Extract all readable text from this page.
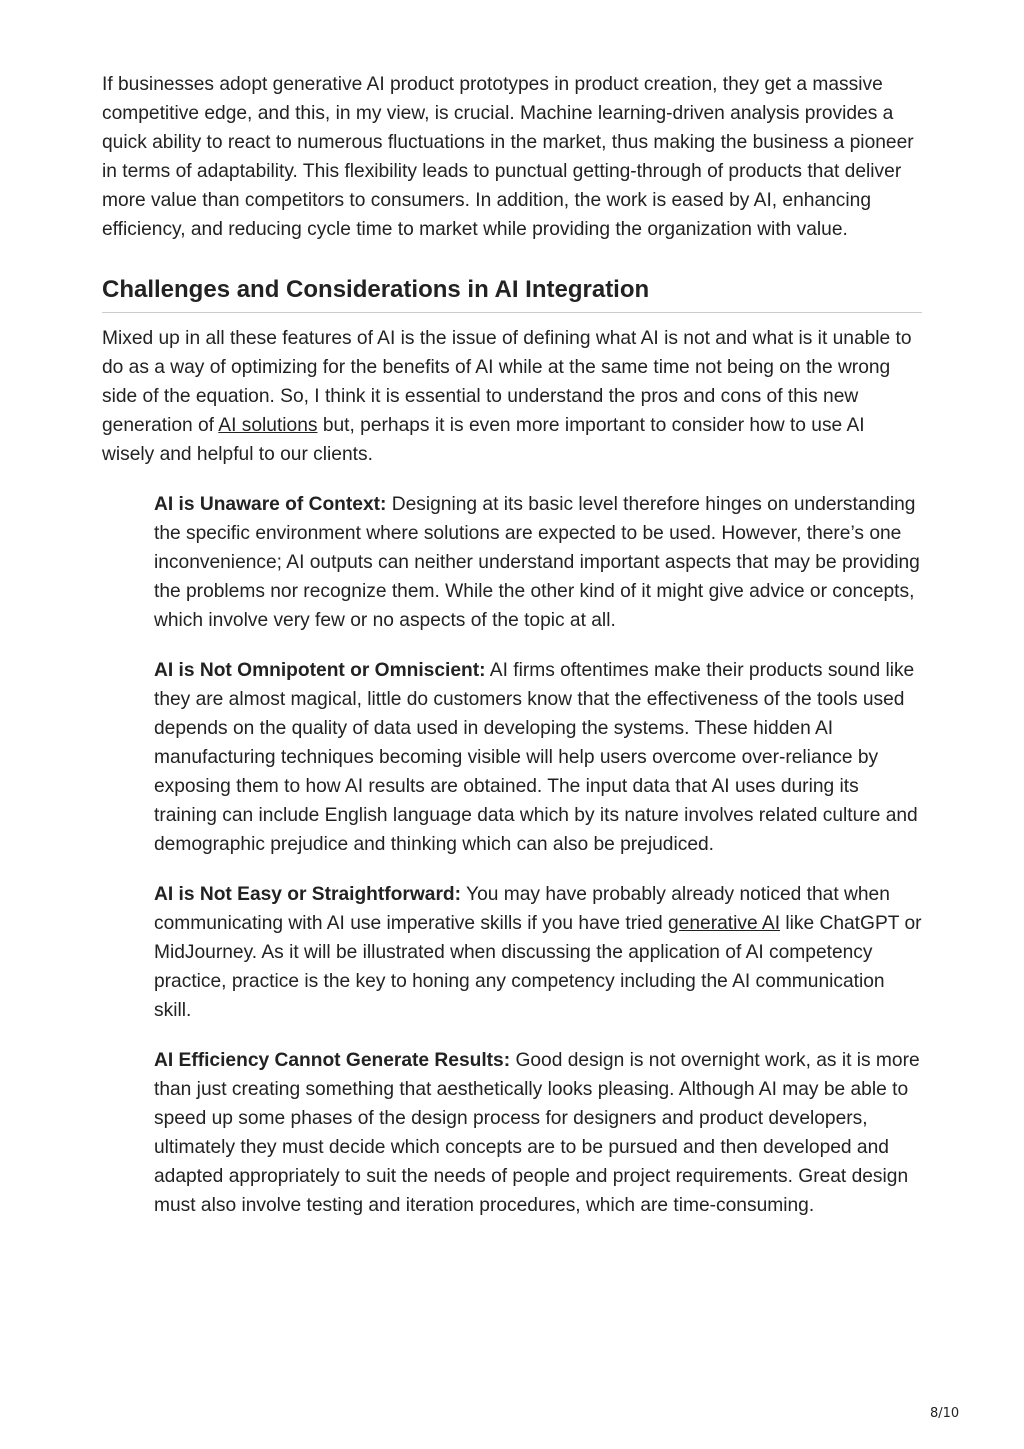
If businesses adopt generative AI product prototypes in product creation, they get a massive competitive edge, and this, in my view, is crucial. Machine learning-driven analysis provides a quick ability to react to numerous fluctuations in the market, thus making the business a pioneer in terms of adaptability. This flexibility leads to punctual getting-through of products that deliver more value than competitors to consumers. In addition, the work is eased by AI, enhancing efficiency, and reducing cycle time to market while providing the organization with value.

Challenges and Considerations in AI Integration

Mixed up in all these features of AI is the issue of defining what AI is not and what is it unable to do as a way of optimizing for the benefits of AI while at the same time not being on the wrong side of the equation. So, I think it is essential to understand the pros and cons of this new generation of AI solutions but, perhaps it is even more important to consider how to use AI wisely and helpful to our clients.

AI is Unaware of Context: Designing at its basic level therefore hinges on understanding the specific environment where solutions are expected to be used. However, there’s one inconvenience; AI outputs can neither understand important aspects that may be providing the problems nor recognize them. While the other kind of it might give advice or concepts, which involve very few or no aspects of the topic at all.

AI is Not Omnipotent or Omniscient: AI firms oftentimes make their products sound like they are almost magical, little do customers know that the effectiveness of the tools used depends on the quality of data used in developing the systems. These hidden AI manufacturing techniques becoming visible will help users overcome over-reliance by exposing them to how AI results are obtained. The input data that AI uses during its training can include English language data which by its nature involves related culture and demographic prejudice and thinking which can also be prejudiced.

AI is Not Easy or Straightforward: You may have probably already noticed that when communicating with AI use imperative skills if you have tried generative AI like ChatGPT or MidJourney. As it will be illustrated when discussing the application of AI competency practice, practice is the key to honing any competency including the AI communication skill.

AI Efficiency Cannot Generate Results: Good design is not overnight work, as it is more than just creating something that aesthetically looks pleasing. Although AI may be able to speed up some phases of the design process for designers and product developers, ultimately they must decide which concepts are to be pursued and then developed and adapted appropriately to suit the needs of people and project requirements. Great design must also involve testing and iteration procedures, which are time-consuming.

8/10
